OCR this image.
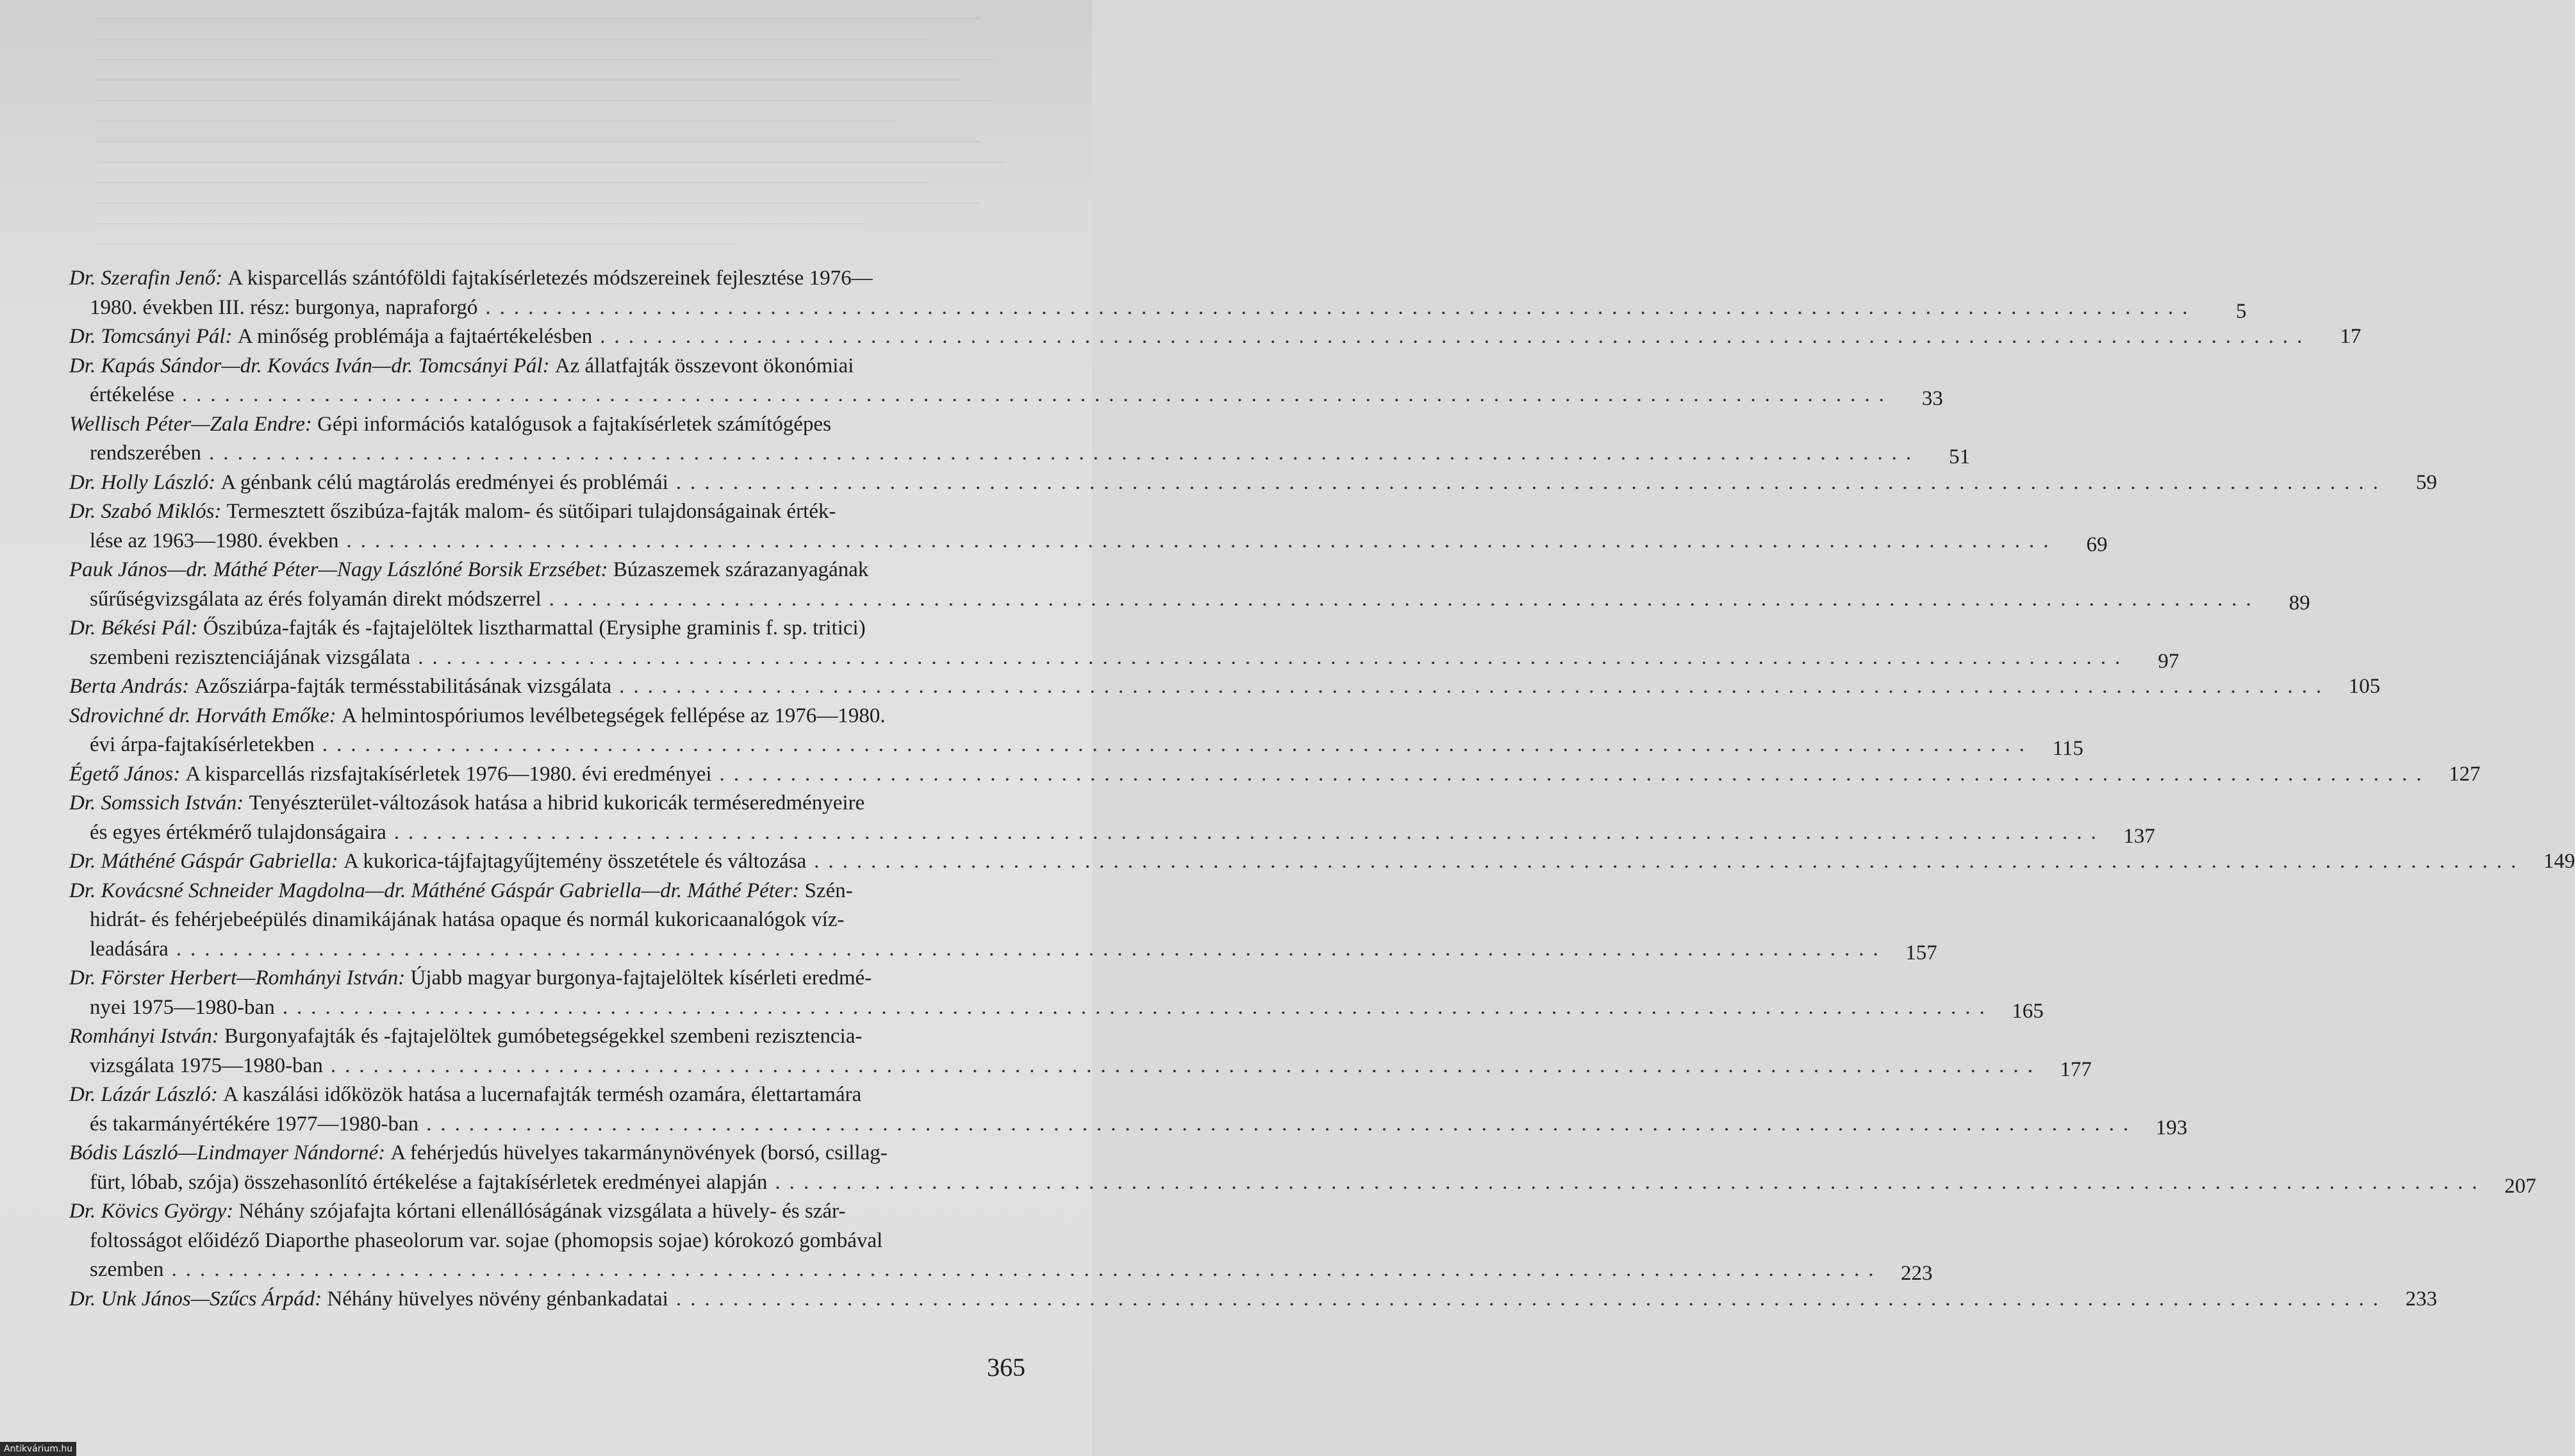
Dr. Szerafin Jenő:
A kisparcellás szántóföldi fajtakísérletezés módszereinek fejlesztése 1976—
1980. években III. rész: burgonya, napraforgó ........................................................................................................................	5
Dr. Tomcsányi Pál:
A minőség problémája a fajtaértékelésben ........................................................................................................................	17
Dr. Kapás Sándor—dr. Kovács Iván—dr. Tomcsányi Pál:
Az állatfajták összevont ökonómiai
értékelése ........................................................................................................................	33
Wellisch Péter—Zala Endre:
Gépi információs katalógusok a fajtakísérletek számítógépes
rendszerében ........................................................................................................................	51
Dr. Holly László:
A génbank célú magtárolás eredményei és problémái ........................................................................................................................	59
Dr. Szabó Miklós:
Termesztett őszibúza-fajták malom- és sütőipari tulajdonságainak érték-
lése az 1963—1980. években ........................................................................................................................	69
Pauk János—dr. Máthé Péter—Nagy Lászlóné Borsik Erzsébet:
Búzaszemek szárazanyagának
sűrűségvizsgálata az érés folyamán direkt módszerrel ........................................................................................................................	89
Dr. Békési Pál:
Őszibúza-fajták és -fajtajelöltek lisztharmattal (Erysiphe graminis f. sp. tritici)
szembeni rezisztenciájának vizsgálata ........................................................................................................................	97
Berta András:
Azősziárpa-fajták termésstabilitásának vizsgálata ........................................................................................................................ 105
Sdrovichné dr. Horváth Emőke:
A helmintospóriumos levélbetegségek fellépése az 1976—1980.
évi árpa-fajtakísérletekben ........................................................................................................................ 115
Égető János:
A kisparcellás rizsfajtakísérletek 1976—1980. évi eredményei ........................................................................................................................ 127
Dr. Somssich István:
Tenyészterület-változások hatása a hibrid kukoricák terméseredményeire
és egyes értékmérő tulajdonságaira ........................................................................................................................ 137
Dr. Máthéné Gáspár Gabriella:
A kukorica-tájfajtagyűjtemény összetétele és változása ........................................................................................................................ 149
Dr. Kovácsné Schneider Magdolna—dr. Máthéné Gáspár Gabriella—dr. Máthé Péter:
Szén-
hidrát- és fehérjebeépülés dinamikájának hatása opaque és normál kukoricaanalógok víz-
leadására ........................................................................................................................ 157
Dr. Förster Herbert—Romhányi István:
Újabb magyar burgonya-fajtajelöltek kísérleti eredmé-
nyei 1975—1980-ban ........................................................................................................................ 165
Romhányi István:
Burgonyafajták és -fajtajelöltek gumóbetegségekkel szembeni rezisztencia-
vizsgálata 1975—1980-ban ........................................................................................................................ 177
Dr. Lázár László:
A kaszálási időközök hatása a lucernafajták termésh ozamára, élettartamára
és takarmányértékére 1977—1980-ban ........................................................................................................................ 193
Bódis László—Lindmayer Nándorné:
A fehérjedús hüvelyes takarmánynövények (borsó, csillag-
fürt, lóbab, szója) összehasonlító értékelése a fajtakísérletek eredményei alapján ........................................................................................................................ 207
Dr. Kövics György:
Néhány szójafajta kórtani ellenállóságának vizsgálata a hüvely- és szár-
foltosságot előidéző Diaporthe phaseolorum var. sojae (phomopsis sojae) kórokozó gombával
szemben ........................................................................................................................ 223
Dr. Unk János—Szűcs Árpád:
Néhány hüvelyes növény génbankadatai ........................................................................................................................ 233
365
Antikvárium.hu
